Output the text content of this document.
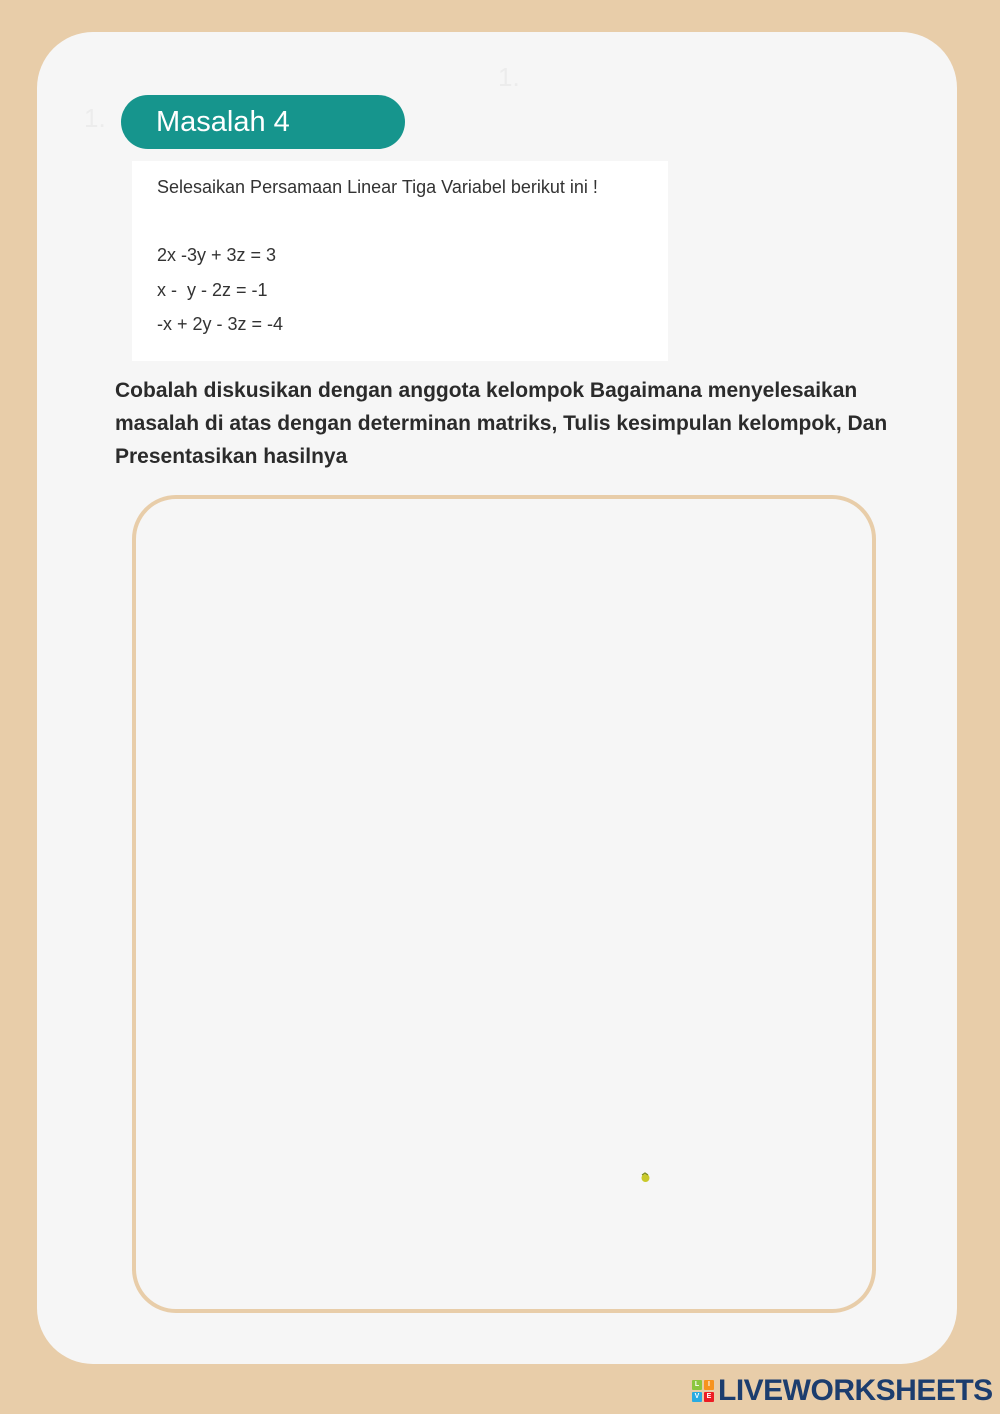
1.
1.
Masalah 4
Selesaikan Persamaan Linear Tiga Variabel berikut ini !
2x -3y + 3z = 3
x -  y - 2z = -1
-x + 2y - 3z = -4
Cobalah diskusikan dengan anggota kelompok Bagaimana menyelesaikan masalah di atas dengan determinan matriks, Tulis kesimpulan kelompok, Dan Presentasikan hasilnya
L	I
V	E LIVEWORKSHEETS
